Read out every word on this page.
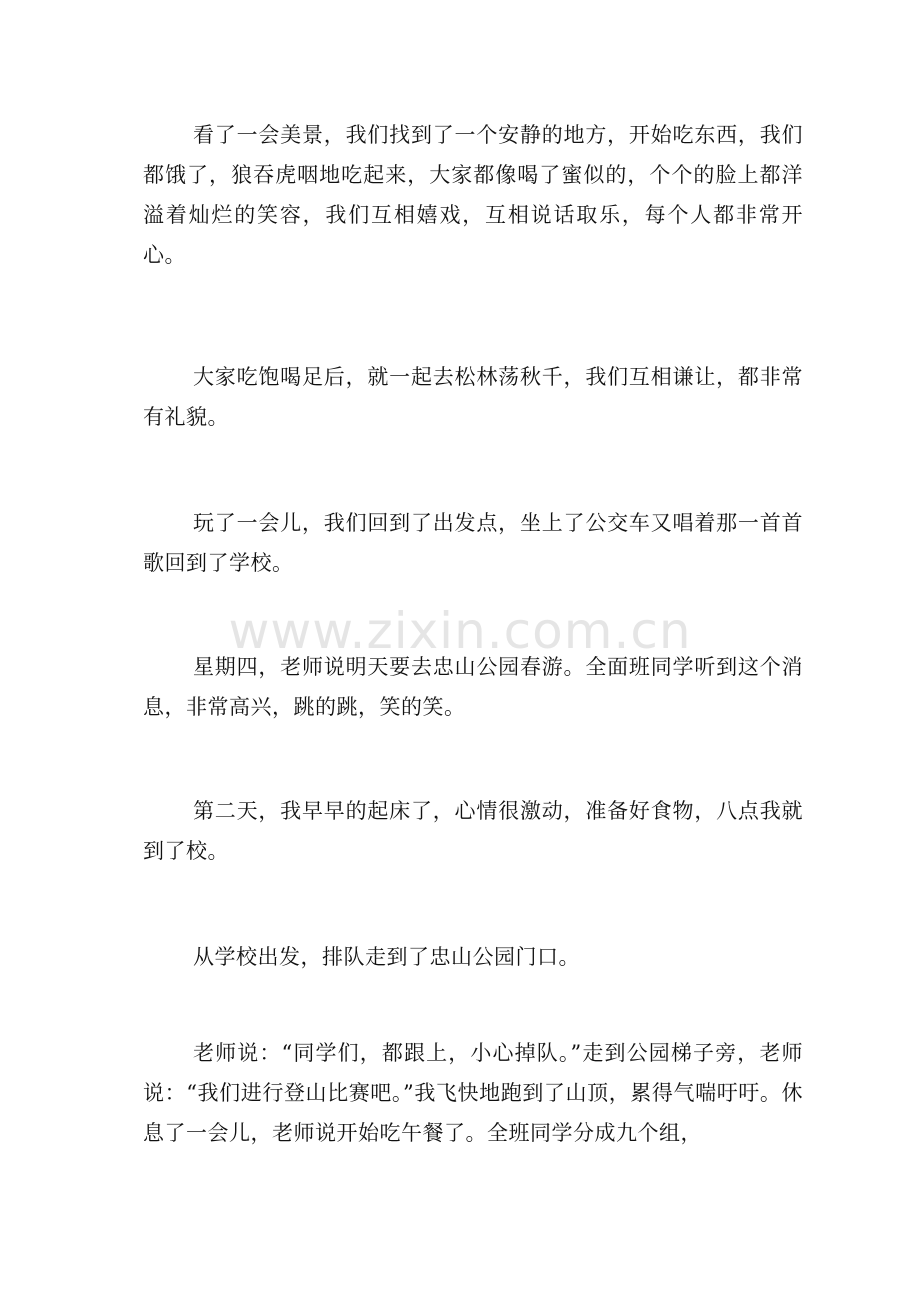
看了一会美景，我们找到了一个安静的地方，开始吃东西，我们都饿了，狼吞虎咽地吃起来，大家都像喝了蜜似的，个个的脸上都洋溢着灿烂的笑容，我们互相嬉戏，互相说话取乐，每个人都非常开心。

大家吃饱喝足后，就一起去松林荡秋千，我们互相谦让，都非常有礼貌。

玩了一会儿，我们回到了出发点，坐上了公交车又唱着那一首首歌回到了学校。

星期四，老师说明天要去忠山公园春游。全面班同学听到这个消息，非常高兴，跳的跳，笑的笑。

第二天，我早早的起床了，心情很激动，准备好食物，八点我就到了校。

从学校出发，排队走到了忠山公园门口。

老师说：“同学们，都跟上，小心掉队。”走到公园梯子旁，老师说：“我们进行登山比赛吧。”我飞快地跑到了山顶，累得气喘吁吁。休息了一会儿，老师说开始吃午餐了。全班同学分成九个组，

www.zixin.com.cn
